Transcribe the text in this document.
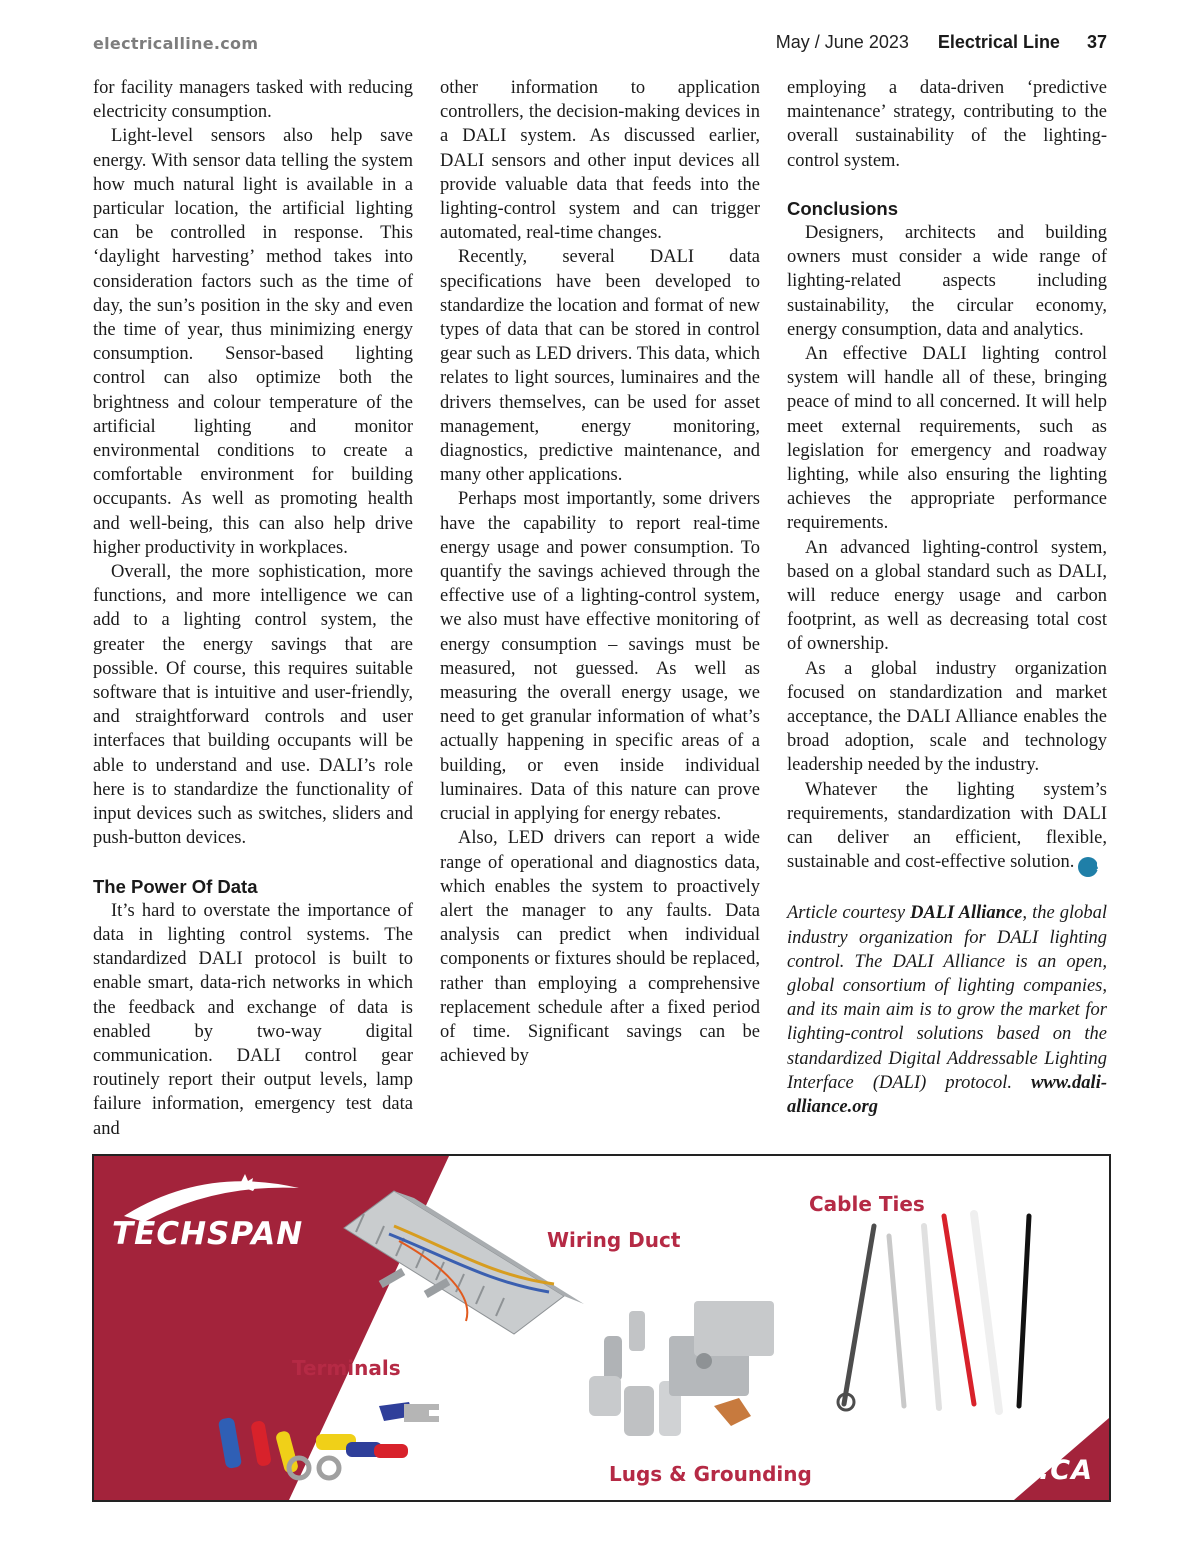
electricalline.com	May / June 2023 Electrical Line 37

for facility managers tasked with reducing electricity consumption.

Light-level sensors also help save energy. With sensor data telling the system how much natural light is available in a particular location, the artificial lighting can be controlled in response. This ‘daylight harvesting’ method takes into consideration factors such as the time of day, the sun’s position in the sky and even the time of year, thus minimizing energy consumption. Sensor-based lighting control can also optimize both the brightness and colour temperature of the artificial lighting and monitor environmental conditions to create a comfortable environment for building occupants. As well as promoting health and well-being, this can also help drive higher productivity in workplaces.

Overall, the more sophistication, more functions, and more intelligence we can add to a lighting control system, the greater the energy savings that are possible. Of course, this requires suitable software that is intuitive and user-friendly, and straightforward controls and user interfaces that building occupants will be able to understand and use. DALI’s role here is to standardize the functionality of input devices such as switches, sliders and push-button devices.

The Power Of Data

It’s hard to overstate the importance of data in lighting control systems. The standardized DALI protocol is built to enable smart, data-rich networks in which the feedback and exchange of data is enabled by two-way digital communication. DALI control gear routinely report their output levels, lamp failure information, emergency test data and

other information to application controllers, the decision-making devices in a DALI system. As discussed earlier, DALI sensors and other input devices all provide valuable data that feeds into the lighting-control system and can trigger automated, real-time changes.

Recently, several DALI data specifications have been developed to standardize the location and format of new types of data that can be stored in control gear such as LED drivers. This data, which relates to light sources, luminaires and the drivers themselves, can be used for asset management, energy monitoring, diagnostics, predictive maintenance, and many other applications.

Perhaps most importantly, some drivers have the capability to report real-time energy usage and power consumption. To quantify the savings achieved through the effective use of a lighting-control system, we also must have effective monitoring of energy consumption – savings must be measured, not guessed. As well as measuring the overall energy usage, we need to get granular information of what’s actually happening in specific areas of a building, or even inside individual luminaires. Data of this nature can prove crucial in applying for energy rebates.

Also, LED drivers can report a wide range of operational and diagnostics data, which enables the system to proactively alert the manager to any faults. Data analysis can predict when individual components or fixtures should be replaced, rather than employing a comprehensive replacement schedule after a fixed period of time. Significant savings can be achieved by

employing a data-driven ‘predictive maintenance’ strategy, contributing to the overall sustainability of the lighting-control system.

Conclusions

Designers, architects and building owners must consider a wide range of lighting-related aspects including sustainability, the circular economy, energy consumption, data and analytics.

An effective DALI lighting control system will handle all of these, bringing peace of mind to all concerned. It will help meet external requirements, such as legislation for emergency and roadway lighting, while also ensuring the lighting achieves the appropriate performance requirements.

An advanced lighting-control system, based on a global standard such as DALI, will reduce energy usage and carbon footprint, as well as decreasing total cost of ownership.

As a global industry organization focused on standardization and market acceptance, the DALI Alliance enables the broad adoption, scale and technology leadership needed by the industry.

Whatever the lighting system’s requirements, standardization with DALI can deliver an efficient, flexible, sustainable and cost-effective solution. Ω

Article courtesy DALI Alliance, the global industry organization for DALI lighting control. The DALI Alliance is an open, global consortium of lighting companies, and its main aim is to grow the market for lighting-control solutions based on the standardized Digital Addressable Lighting Interface (DALI) protocol. www.dali-alliance.org

TECHSPAN
TECHSPAN.CA
Wiring Duct
Cable Ties
Terminals
Lugs & Grounding
